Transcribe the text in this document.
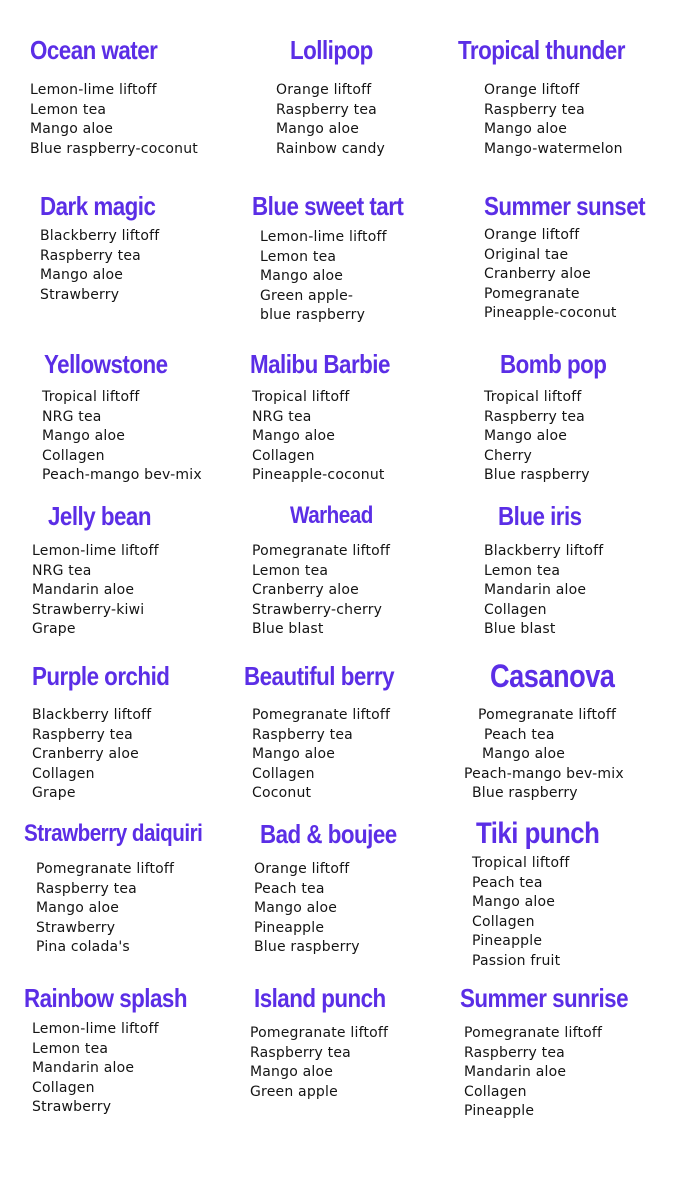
Ocean water
Lemon-lime liftoff
Lemon tea
Mango aloe
Blue raspberry-coconut
Lollipop
Orange liftoff
Raspberry tea
Mango aloe
Rainbow candy
Tropical thunder
Orange liftoff
Raspberry tea
Mango aloe
Mango-watermelon
Dark magic
Blackberry liftoff
Raspberry tea
Mango aloe
Strawberry
Blue sweet tart
Lemon-lime liftoff
Lemon tea
Mango aloe
Green apple-
blue raspberry
Summer sunset
Orange liftoff
Original tae
Cranberry aloe
Pomegranate
Pineapple-coconut
Yellowstone
Tropical liftoff
NRG tea
Mango aloe
Collagen
Peach-mango bev-mix
Malibu Barbie
Tropical liftoff
NRG tea
Mango aloe
Collagen
Pineapple-coconut
Bomb pop
Tropical liftoff
Raspberry tea
Mango aloe
Cherry
Blue raspberry
Jelly bean
Lemon-lime liftoff
NRG tea
Mandarin aloe
Strawberry-kiwi
Grape
Warhead
Pomegranate liftoff
Lemon tea
Cranberry aloe
Strawberry-cherry
Blue blast
Blue iris
Blackberry liftoff
Lemon tea
Mandarin aloe
Collagen
Blue blast
Purple orchid
Blackberry liftoff
Raspberry tea
Cranberry aloe
Collagen
Grape
Beautiful berry
Pomegranate liftoff
Raspberry tea
Mango aloe
Collagen
Coconut
Casanova
Pomegranate liftoff
Peach tea
Mango aloe
Peach-mango bev-mix
Blue raspberry
Strawberry daiquiri
Pomegranate liftoff
Raspberry tea
Mango aloe
Strawberry
Pina colada's
Bad & boujee
Orange liftoff
Peach tea
Mango aloe
Pineapple
Blue raspberry
Tiki punch
Tropical liftoff
Peach tea
Mango aloe
Collagen
Pineapple
Passion fruit
Rainbow splash
Lemon-lime liftoff
Lemon tea
Mandarin aloe
Collagen
Strawberry
Island punch
Pomegranate liftoff
Raspberry tea
Mango aloe
Green apple
Summer sunrise
Pomegranate liftoff
Raspberry tea
Mandarin aloe
Collagen
Pineapple
